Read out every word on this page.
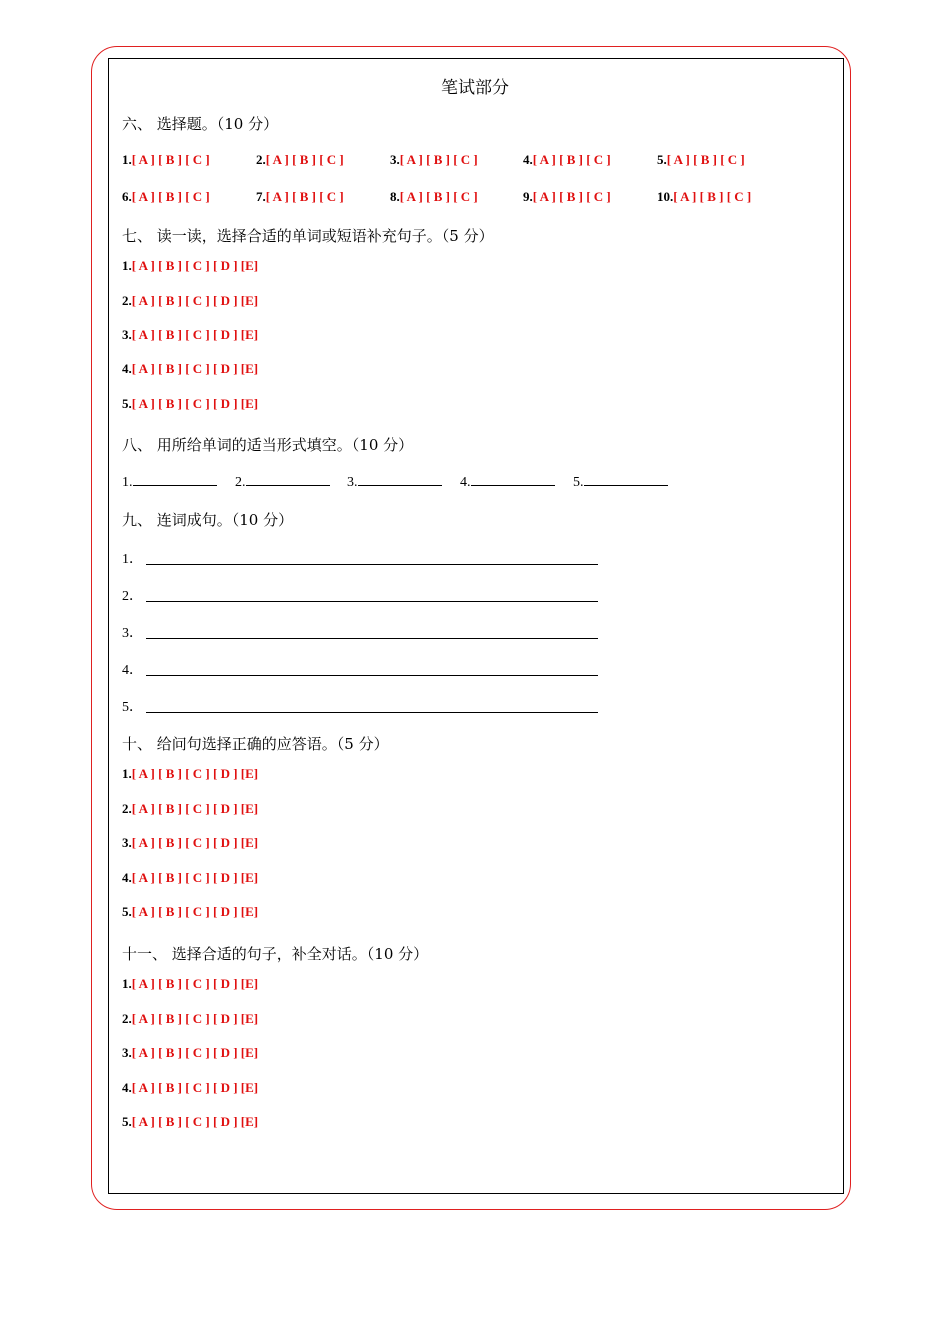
笔试部分
六、 选择题。（10 分）
1.[ A ] [ B ] [ C ]	2.[ A ] [ B ] [ C ]	3.[ A ] [ B ] [ C ]	4.[ A ] [ B ] [ C ]	5.[ A ] [ B ] [ C ]
6.[ A ] [ B ] [ C ]	7.[ A ] [ B ] [ C ]	8.[ A ] [ B ] [ C ]	9.[ A ] [ B ] [ C ]	10.[ A ] [ B ] [ C ]
七、 读一读，选择合适的单词或短语补充句子。（5 分）
1.[ A ] [ B ] [ C ] [ D ] [E]
2.[ A ] [ B ] [ C ] [ D ] [E]
3.[ A ] [ B ] [ C ] [ D ] [E]
4.[ A ] [ B ] [ C ] [ D ] [E]
5.[ A ] [ B ] [ C ] [ D ] [E]
八、 用所给单词的适当形式填空。（10 分）
1.	2.	3.	4.	5.
九、 连词成句。（10 分）
1．
2．
3．
4．
5．
十、 给问句选择正确的应答语。（5 分）
1.[ A ] [ B ] [ C ] [ D ] [E]
2.[ A ] [ B ] [ C ] [ D ] [E]
3.[ A ] [ B ] [ C ] [ D ] [E]
4.[ A ] [ B ] [ C ] [ D ] [E]
5.[ A ] [ B ] [ C ] [ D ] [E]
十一、 选择合适的句子，补全对话。（10 分）
1.[ A ] [ B ] [ C ] [ D ] [E]
2.[ A ] [ B ] [ C ] [ D ] [E]
3.[ A ] [ B ] [ C ] [ D ] [E]
4.[ A ] [ B ] [ C ] [ D ] [E]
5.[ A ] [ B ] [ C ] [ D ] [E]
